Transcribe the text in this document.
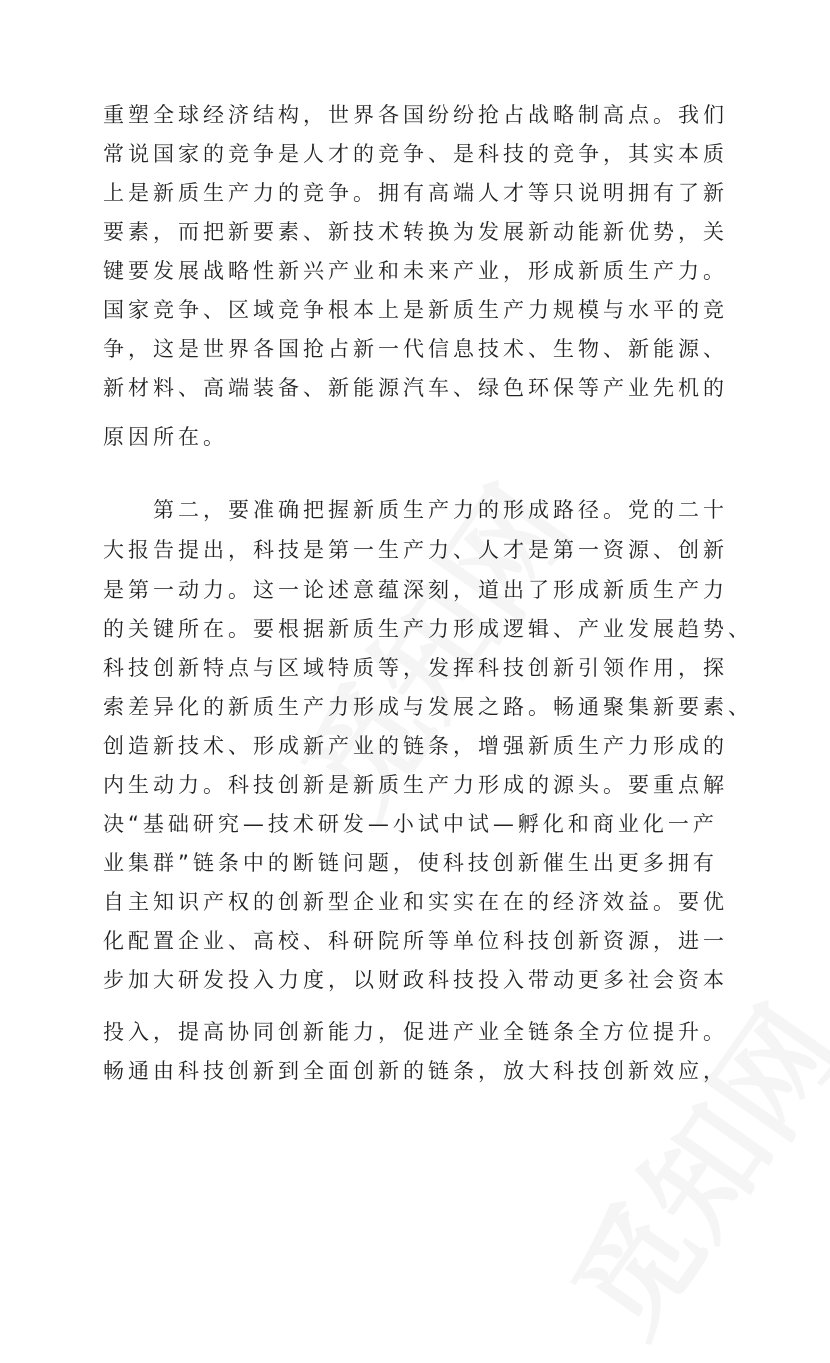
重塑全球经济结构，世界各国纷纷抢占战略制高点。我们
常说国家的竞争是人才的竞争、是科技的竞争，其实本质
上是新质生产力的竞争。拥有高端人才等只说明拥有了新
要素，而把新要素、新技术转换为发展新动能新优势，关
键要发展战略性新兴产业和未来产业，形成新质生产力。
国家竞争、区域竞争根本上是新质生产力规模与水平的竞
争，这是世界各国抢占新一代信息技术、生物、新能源、
新材料、高端装备、新能源汽车、绿色环保等产业先机的
原因所在。
第二，要准确把握新质生产力的形成路径。党的二十
大报告提出，科技是第一生产力、人才是第一资源、创新
是第一动力。这一论述意蕴深刻，道出了形成新质生产力
的关键所在。要根据新质生产力形成逻辑、产业发展趋势、
科技创新特点与区域特质等，发挥科技创新引领作用，探
索差异化的新质生产力形成与发展之路。畅通聚集新要素、
创造新技术、形成新产业的链条，增强新质生产力形成的
内生动力。科技创新是新质生产力形成的源头。要重点解
决“基础研究—技术研发—小试中试—孵化和商业化一产
业集群”链条中的断链问题，使科技创新催生出更多拥有
自主知识产权的创新型企业和实实在在的经济效益。要优
化配置企业、高校、科研院所等单位科技创新资源，进一
步加大研发投入力度，以财政科技投入带动更多社会资本
投入，提高协同创新能力，促进产业全链条全方位提升。
畅通由科技创新到全面创新的链条，放大科技创新效应，
